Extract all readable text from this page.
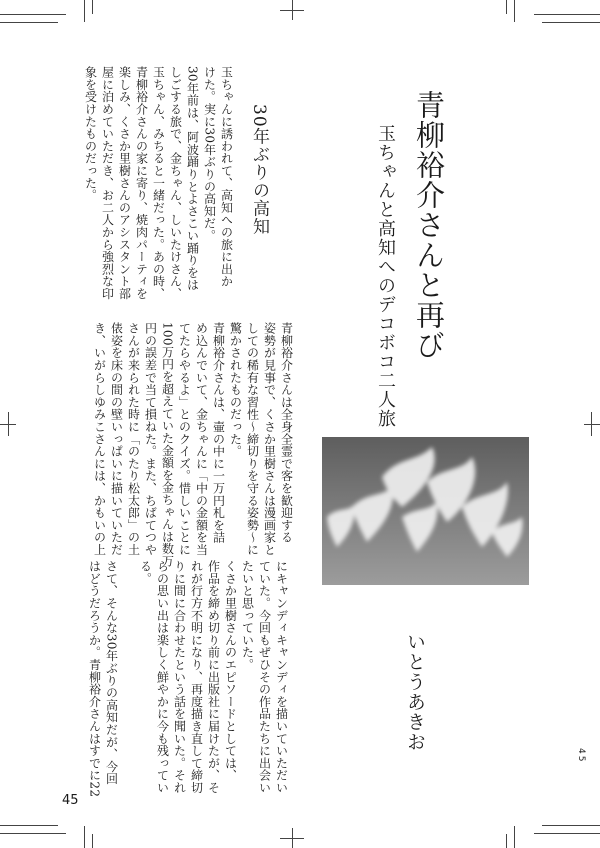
青柳裕介さんと再び
玉ちゃんと高知へのデコボコ二人旅
30年ぶりの高知
いとうあきお
玉ちゃんに誘われて、高知への旅に出か
けた。実に30年ぶりの高知だ。
30年前は、阿波踊りとよさこい踊りをは
しごする旅で、金ちゃん、しいたけさん、
玉ちゃん、みちると一緒だった。あの時、
青柳裕介さんの家に寄り、焼肉パーティを
楽しみ、くさか里樹さんのアシスタント部
屋に泊めていただき、お二人から強烈な印
象を受けたものだった。
青柳裕介さんは全身全霊で客を歓迎する
姿勢が見事で、くさか里樹さんは漫画家と
しての稀有な習性～締切りを守る姿勢～に
驚かされたものだった。
青柳裕介さんは、壷の中に一万円札を詰
め込んでいて、金ちゃんに「中の金額を当
てたらやるよ」とのクイズ。惜しいことに
100万円を超えていた金額を金ちゃんは数万
円の誤差で当て損ねた。また、ちばてつや
さんが来られた時に「のたり松太郎」の土
俵姿を床の間の壁いっぱいに描いていただ
き、いがらしゆみこさんには、かもいの上
にキャンディキャンディを描いていただい
ていた。今回もぜひその作品たちに出会い
たいと思っていた。
くさか里樹さんのエピソードとしては、
作品を締め切り前に出版社に届けたが、そ
れが行方不明になり、再度描き直して締切
りに間に合わせたという話を聞いた。それ
らの思い出は楽しく鮮やかに今も残ってい
る。
さて、そんな30年ぶりの高知だが、今回
はどうだろうか。青柳裕介さんはすでに22
45
45
